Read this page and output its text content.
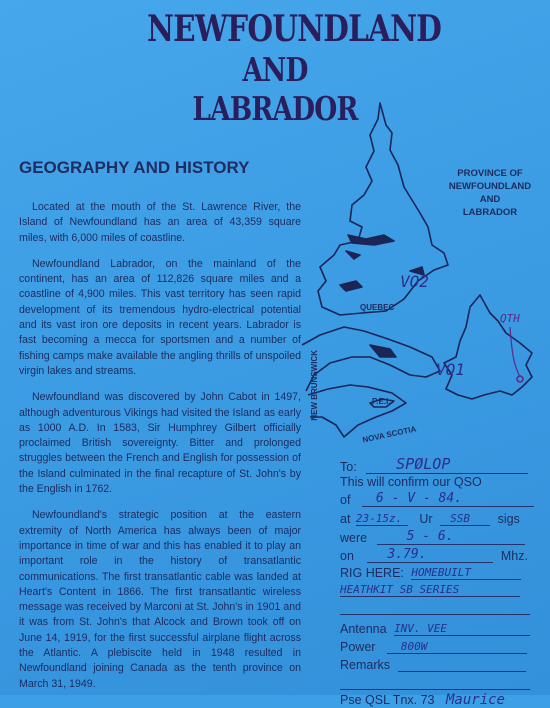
NEWFOUNDLAND
AND LABRADOR
GEOGRAPHY AND HISTORY

Located at the mouth of the St. Lawrence River, the Island of Newfoundland has an area of 43,359 square miles, with 6,000 miles of coastline.

Newfoundland Labrador, on the mainland of the continent, has an area of 112,826 square miles and a coastline of 4,900 miles. This vast territory has seen rapid development of its tremendous hydro-electrical potential and its vast iron ore deposits in recent years. Labrador is fast becoming a mecca for sportsmen and a number of fishing camps make available the angling thrills of unspoiled virgin lakes and streams.

Newfoundland was discovered by John Cabot in 1497, although adventurous Vikings had visited the Island as early as 1000 A.D. In 1583, Sir Humphrey Gilbert officially proclaimed British sovereignty. Bitter and prolonged struggles between the French and English for possession of the Island culminated in the final recapture of St. John's by the English in 1762.

Newfoundland's strategic position at the eastern extremity of North America has always been of major importance in time of war and this has enabled it to play an important role in the history of transatlantic communications. The first transatlantic cable was landed at Heart's Content in 1866. The first transatlantic wireless message was received by Marconi at St. John's in 1901 and it was from St. John's that Alcock and Brown took off on June 14, 1919, for the first successful airplane flight across the Atlantic. A plebiscite held in 1948 resulted in Newfoundland joining Canada as the tenth province on March 31, 1949.

PROVINCE OF
NEWFOUNDLAND
AND
LABRADOR
QUEBEC
NEW BRUNSWICK	P.E.I.
NOVA SCOTIA
VO2
VO1
QTH
To:	SPØLOP
This will confirm our QSO
of 6 - V - 84.
at 23-15z. Ur SSB sigs
were	5 - 6.
on	3.79.	Mhz.
RIG HERE: HOMEBUILT
HEATHKIT SB SERIES

Antenna INV. VEE
Power 800W
Remarks

Pse QSL Tnx. 73 Maurice
